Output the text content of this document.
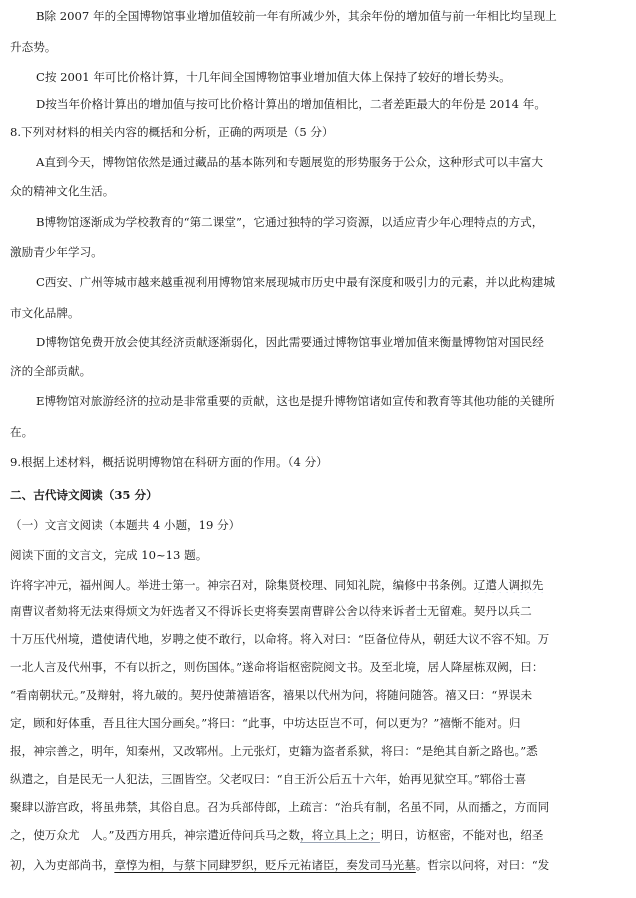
B除 2007 年的全国博物馆事业增加值较前一年有所减少外，其余年份的增加值与前一年相比均呈现上
升态势。
C按 2001 年可比价格计算，十几年间全国博物馆事业增加值大体上保持了较好的增长势头。
D按当年价格计算出的增加值与按可比价格计算出的增加值相比，二者差距最大的年份是 2014 年。
8.下列对材料的相关内容的概括和分析，正确的两项是（5 分）
A直到今天，博物馆依然是通过藏品的基本陈列和专题展览的形势服务于公众，这种形式可以丰富大
众的精神文化生活。
B博物馆逐渐成为学校教育的“第二课堂”，它通过独特的学习资源，以适应青少年心理特点的方式，
激励青少年学习。
C西安、广州等城市越来越重视利用博物馆来展现城市历史中最有深度和吸引力的元素，并以此构建城
市文化品牌。
D博物馆免费开放会使其经济贡献逐渐弱化，因此需要通过博物馆事业增加值来衡量博物馆对国民经
济的全部贡献。
E博物馆对旅游经济的拉动是非常重要的贡献，这也是提升博物馆诸如宣传和教育等其他功能的关键所
在。
9.根据上述材料，概括说明博物馆在科研方面的作用。（4 分）
二、古代诗文阅读（35 分）
（一）文言文阅读（本题共 4 小题，19 分）
阅读下面的文言文，完成 10~13 题。
许将字冲元，福州闽人。举进士第一。神宗召对，除集贤校理、同知礼院，编修中书条例。辽遣人调拟先
南曹议者劾将无法束得烦文为奸选者又不得诉长吏将奏罢南曹辟公舍以待来诉者士无留难。契丹以兵二
十万压代州境，遣使请代地，岁聘之使不敢行，以命将。将入对曰：“臣备位侍从，朝廷大议不容不知。万
一北人言及代州事，不有以折之，则伤国体。”遂命将诣枢密院阅文书。及至北境，居人降屋栋双阙，曰：
“看南朝状元。”及辩射，将九破的。契丹使萧禧语客，禧果以代州为问，将随问随答。禧又曰：“界误未
定，顾和好体重，吾且往大国分画矣。”将曰：“此事，中坊达臣岂不可，何以更为？”禧惭不能对。归
报，神宗善之，明年，知秦州，又改郓州。上元张灯，吏籍为盗者系狱，将曰：“是绝其自新之路也。”悉
纵遣之，自是民无一人犯法，三圄皆空。父老叹曰：“自王沂公后五十六年，始再见狱空耳。”郓俗士喜
聚肆以游宫政，将虽弗禁，其俗自息。召为兵部侍郎，上疏言：“治兵有制，名虽不同，从而播之，方而同
之，使万众尤　人。”及西方用兵，神宗遣近侍问兵马之数，将立具上之；明日，访枢密，不能对也，绍圣
初，入为吏部尚书，章惇为相，与蔡卞同肆罗织，贬斥元祐诸臣，奏发司马光墓。哲宗以问将，对曰：“发
